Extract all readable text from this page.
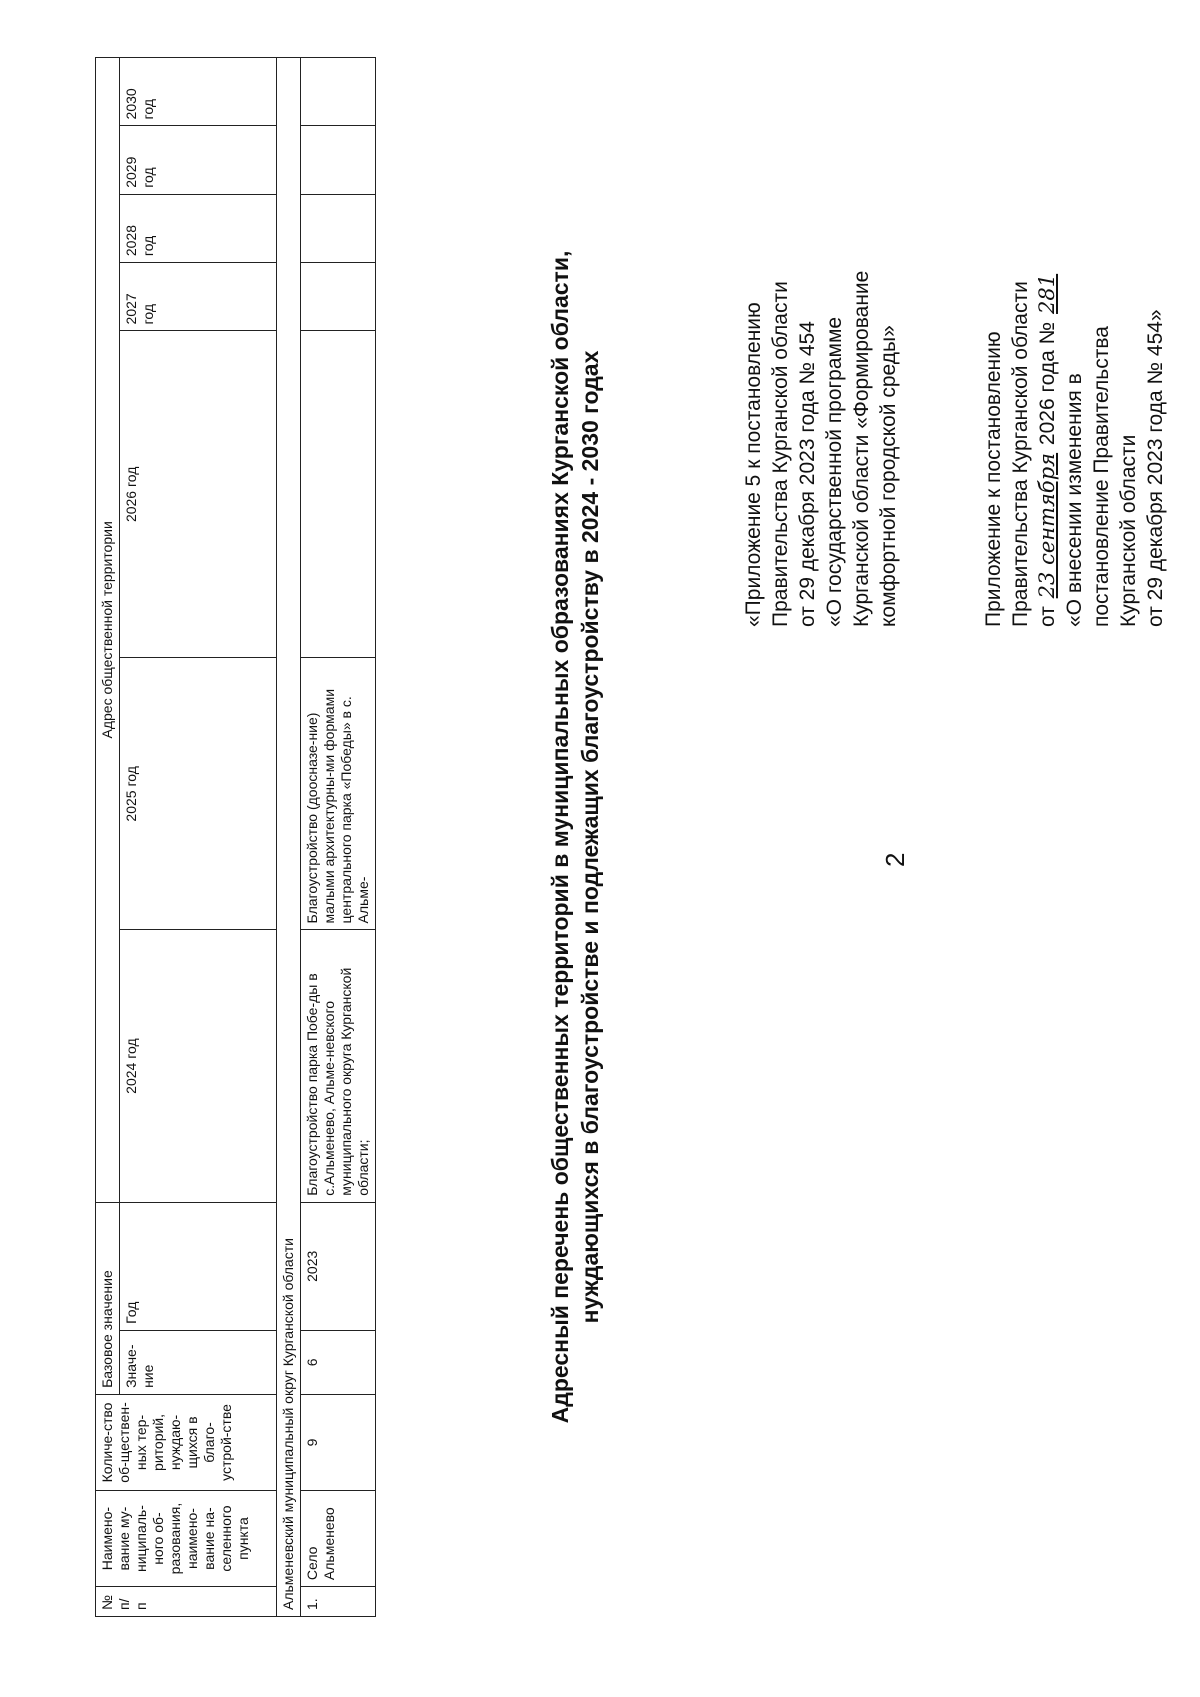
2
Приложение к постановлению Правительства Курганской области от 23 сентября 2026 года № 281
«О внесении изменения в постановление Правительства Курганской области от 29 декабря 2023 года № 454»
«Приложение 5 к постановлению Правительства Курганской области от 29 декабря 2023 года № 454 «О государственной программе Курганской области «Формирование комфортной городской среды»
Адресный перечень общественных территорий в муниципальных образованиях Курганской области, нуждающихся в благоустройстве и подлежащих благоустройству в 2024 - 2030 годах
№ п/п	Наимено-вание му-ниципаль-ного об-разования, наимено-вание на-селенного пункта	Количе-ство об-ществен-ных тер-риторий, нуждаю-щихся в благо-устрой-стве	Базовое значение		Адрес общественной территории						
			Значе-ние	Год	2024 год	2025 год	2026 год	2027 год	2028 год	2029 год	2030 год
Альменевский муниципальный округ Курганской области											
1.	Село Альменево	9	6	2023	Благоустройство парка Побе-ды в с.Альменево, Альме-невского муниципального округа Курганской области;	Благоустройство (доосназе-ние) малыми архитектурны-ми формами центрального парка «Победы» в с. Альме-					
